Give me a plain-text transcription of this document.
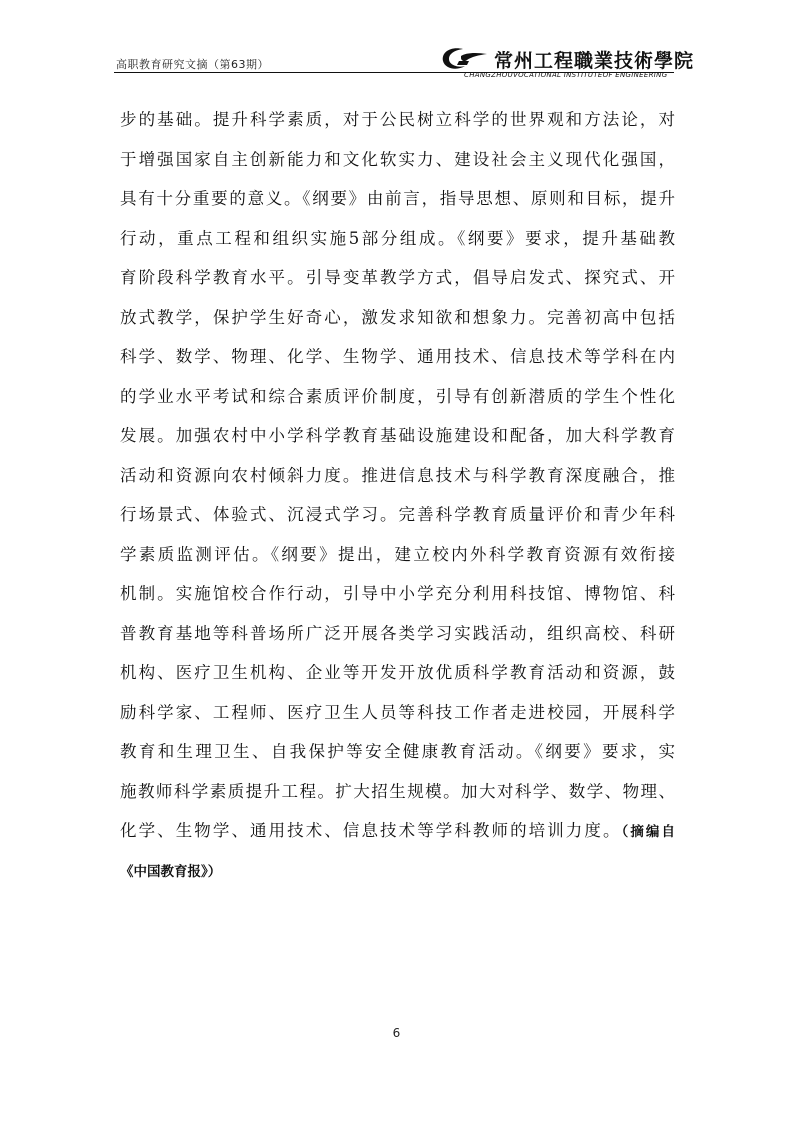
高职教育研究文摘（第63期）	常州工程職業技術學院
CHANGZHOUVOCATIONAL INSTITUTEOF ENGINEERING
步的基础。提升科学素质，对于公民树立科学的世界观和方法论，对
于增强国家自主创新能力和文化软实力、建设社会主义现代化强国，
具有十分重要的意义。《纲要》由前言，指导思想、原则和目标，提升
行动，重点工程和组织实施5部分组成。《纲要》要求，提升基础教
育阶段科学教育水平。引导变革教学方式，倡导启发式、探究式、开
放式教学，保护学生好奇心，激发求知欲和想象力。完善初高中包括
科学、数学、物理、化学、生物学、通用技术、信息技术等学科在内
的学业水平考试和综合素质评价制度，引导有创新潜质的学生个性化
发展。加强农村中小学科学教育基础设施建设和配备，加大科学教育
活动和资源向农村倾斜力度。推进信息技术与科学教育深度融合，推
行场景式、体验式、沉浸式学习。完善科学教育质量评价和青少年科
学素质监测评估。《纲要》提出，建立校内外科学教育资源有效衔接
机制。实施馆校合作行动，引导中小学充分利用科技馆、博物馆、科
普教育基地等科普场所广泛开展各类学习实践活动，组织高校、科研
机构、医疗卫生机构、企业等开发开放优质科学教育活动和资源，鼓
励科学家、工程师、医疗卫生人员等科技工作者走进校园，开展科学
教育和生理卫生、自我保护等安全健康教育活动。《纲要》要求，实
施教师科学素质提升工程。扩大招生规模。加大对科学、数学、物理、
化学、生物学、通用技术、信息技术等学科教师的培训力度。（摘编自
《中国教育报》）
6
